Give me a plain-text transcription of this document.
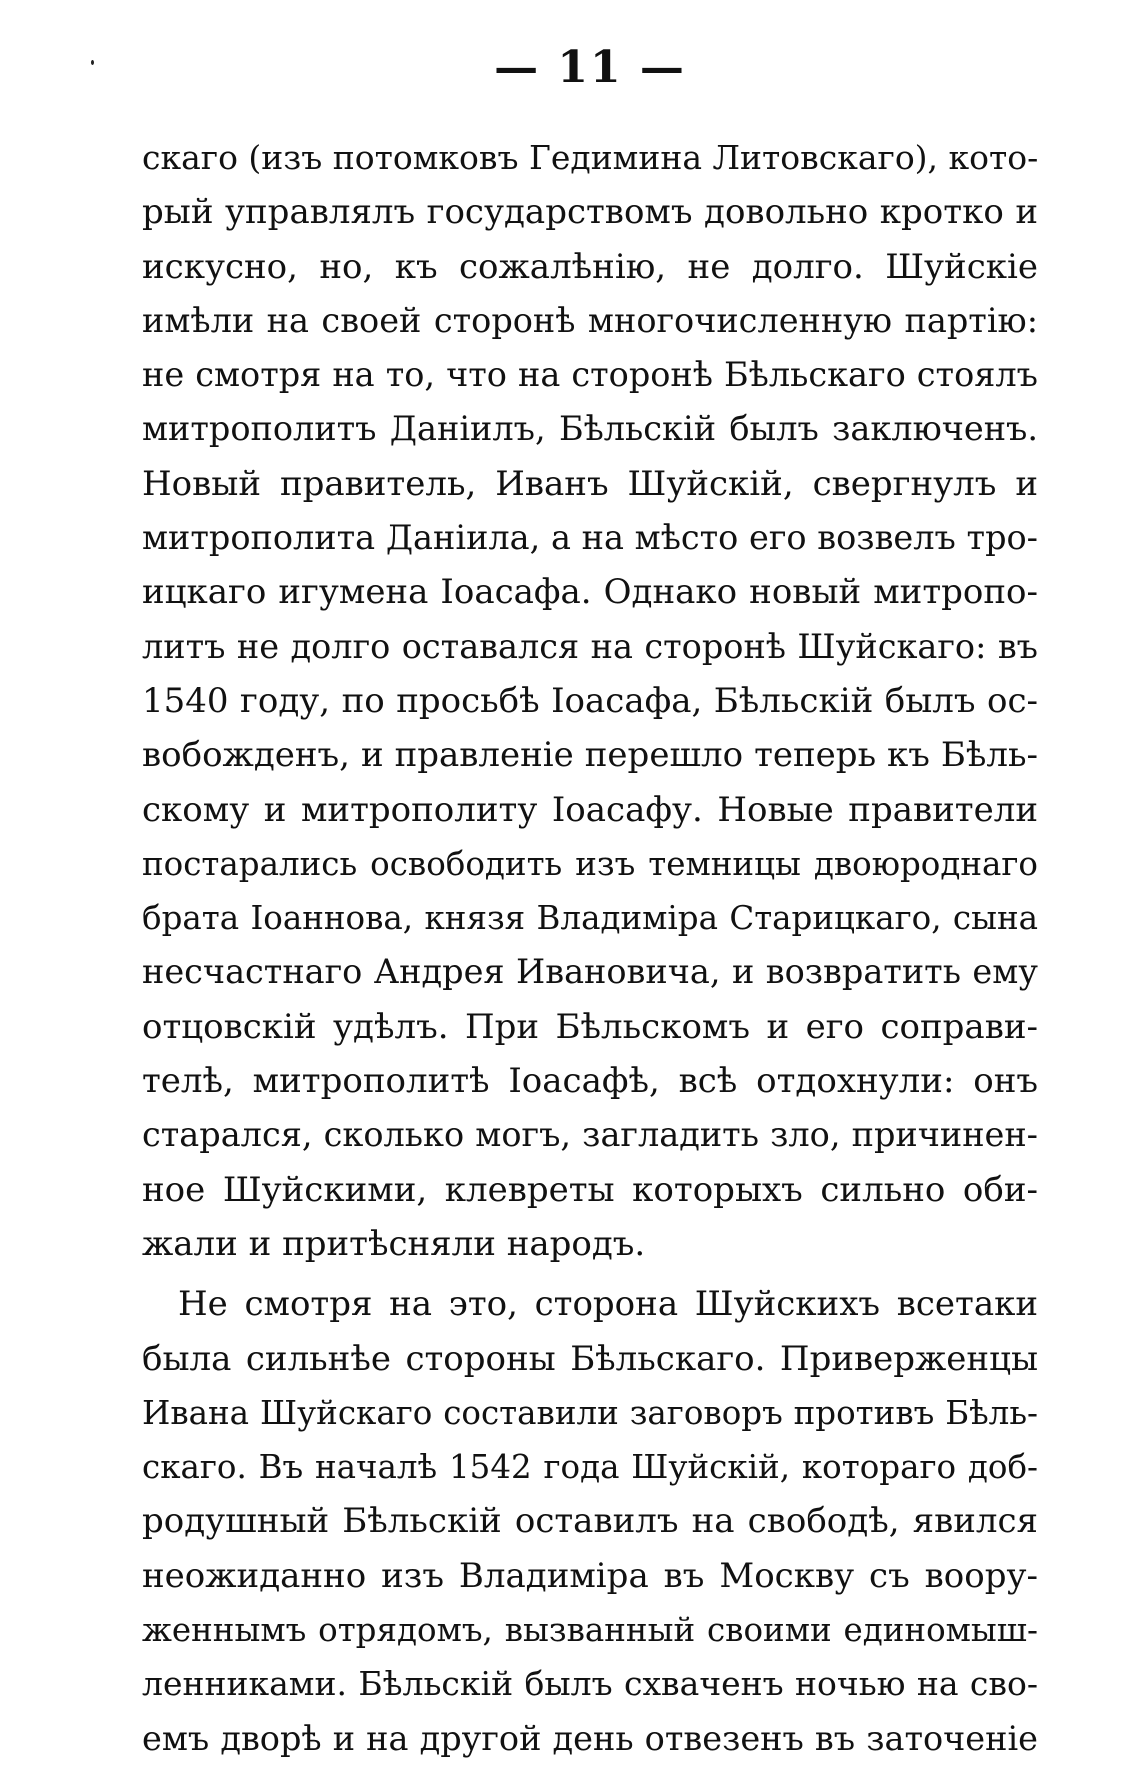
— 11 —
скаго (изъ потомковъ Гедимина Литовскаго), кото-
рый управлялъ государствомъ довольно кротко и
искусно, но, къ сожалѣнію, не долго. Шуйскіе
имѣли на своей сторонѣ многочисленную партію:
не смотря на то, что на сторонѣ Бѣльскаго стоялъ
митрополитъ Даніилъ, Бѣльскій былъ заключенъ.
Новый правитель, Иванъ Шуйскій, свергнулъ и
митрополита Даніила, а на мѣсто его возвелъ тро-
ицкаго игумена Іоасафа. Однако новый митропо-
литъ не долго оставался на сторонѣ Шуйскаго: въ
1540 году, по просьбѣ Іоасафа, Бѣльскій былъ ос-
вобожденъ, и правленіе перешло теперь къ Бѣль-
скому и митрополиту Іоасафу. Новые правители
постарались освободить изъ темницы двоюроднаго
брата Іоаннова, князя Владиміра Старицкаго, сына
несчастнаго Андрея Ивановича, и возвратить ему
отцовскій удѣлъ. При Бѣльскомъ и его соправи-
телѣ, митрополитѣ Іоасафѣ, всѣ отдохнули: онъ
старался, сколько могъ, загладить зло, причинен-
ное Шуйскими, клевреты которыхъ сильно оби-
жали и притѣсняли народъ.
Не смотря на это, сторона Шуйскихъ всетаки
была сильнѣе стороны Бѣльскаго. Приверженцы
Ивана Шуйскаго составили заговоръ противъ Бѣль-
скаго. Въ началѣ 1542 года Шуйскій, котораго доб-
родушный Бѣльскій оставилъ на свободѣ, явился
неожиданно изъ Владиміра въ Москву съ воору-
женнымъ отрядомъ, вызванный своими единомыш-
ленниками. Бѣльскій былъ схваченъ ночью на сво-
емъ дворѣ и на другой день отвезенъ въ заточеніе
